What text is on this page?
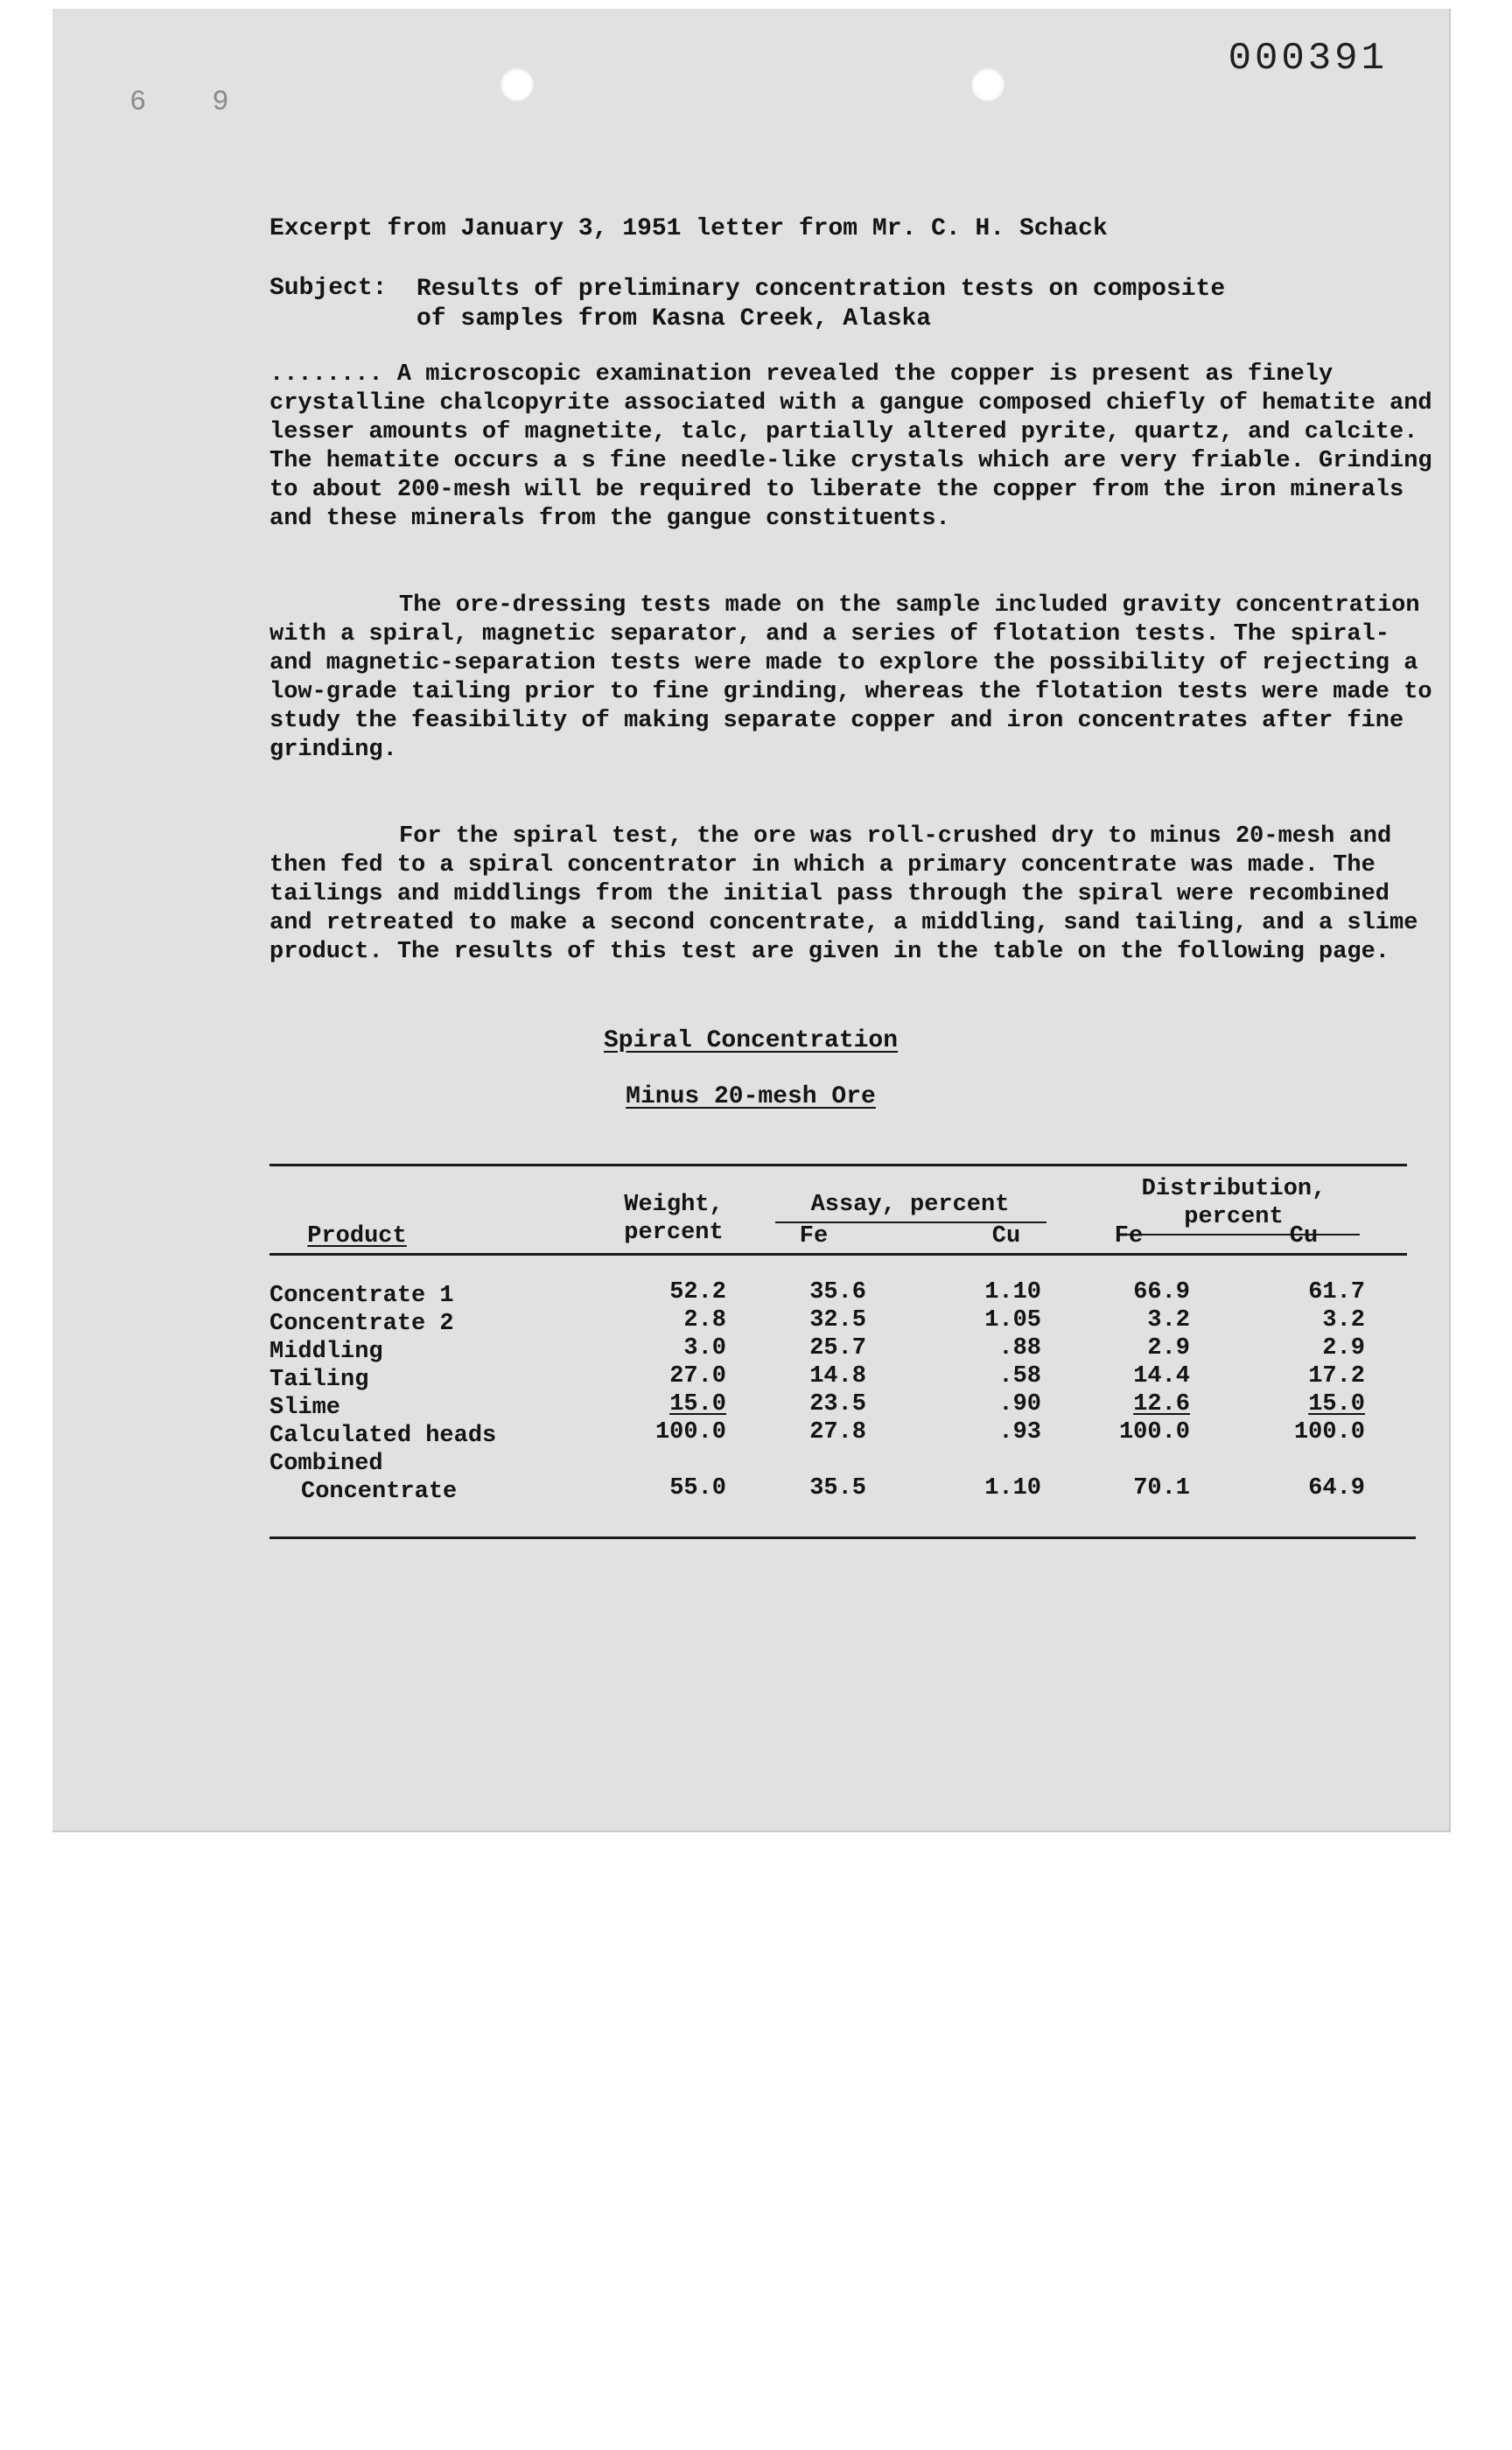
000391
6 9
Excerpt from January 3, 1951 letter from Mr. C. H. Schack
Subject:	Results of preliminary concentration tests on composite of samples from Kasna Creek, Alaska
........ A microscopic examination revealed the copper is present as finely crystalline chalcopyrite associated with a gangue composed chiefly of hematite and lesser amounts of magnetite, talc, partially altered pyrite, quartz, and calcite. The hematite occurs a s fine needle-like crystals which are very friable. Grinding to about 200-mesh will be required to liberate the copper from the iron minerals and these minerals from the gangue constituents.
The ore-dressing tests made on the sample included gravity concentration with a spiral, magnetic separator, and a series of flotation tests. The spiral- and magnetic-separation tests were made to explore the possibility of rejecting a low-grade tailing prior to fine grinding, whereas the flotation tests were made to study the feasibility of making separate copper and iron concentrates after fine grinding.
For the spiral test, the ore was roll-crushed dry to minus 20-mesh and then fed to a spiral concentrator in which a primary concentrate was made. The tailings and middlings from the initial pass through the spiral were recombined and retreated to make a second concentrate, a middling, sand tailing, and a slime product. The results of this test are given in the table on the following page.
Spiral Concentration
Minus 20-mesh Ore
Product
Weight,
percent
Assay, percent
Fe	Cu
Distribution,
percent
Fe	Cu
Concentrate 1	52.2	35.6	1.10	66.9	61.7
Concentrate 2	2.8	32.5	1.05	3.2	3.2
Middling	3.0	25.7	.88	2.9	2.9
Tailing	27.0	14.8	.58	14.4	17.2
Slime	15.0	23.5	.90	12.6	15.0
Calculated heads	100.0	27.8	.93	100.0	100.0
Combined
Concentrate	55.0	35.5	1.10	70.1	64.9
